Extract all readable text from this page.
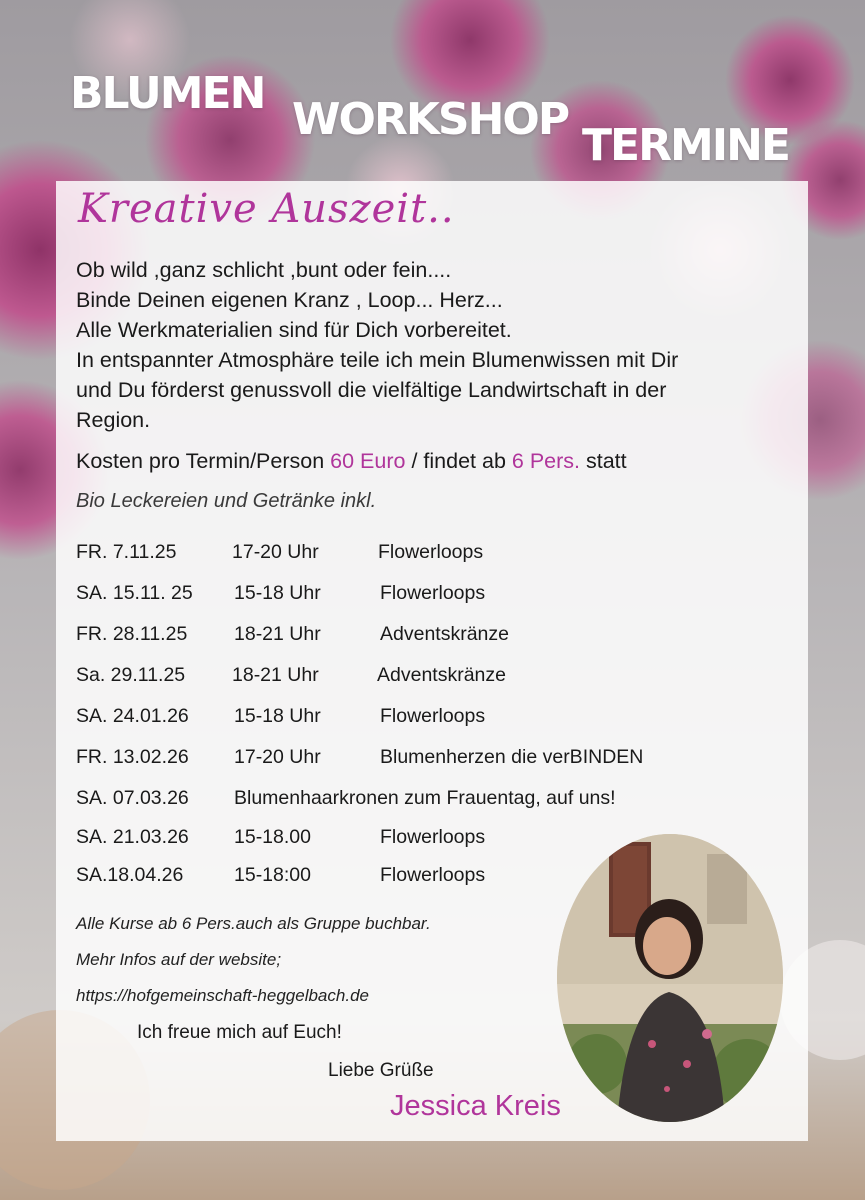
BLUMEN
WORKSHOP
TERMINE
Kreative Auszeit..
Ob wild ,ganz schlicht ,bunt oder fein....
Binde Deinen eigenen Kranz , Loop... Herz...
Alle Werkmaterialien sind für Dich vorbereitet.
In entspannter Atmosphäre teile ich mein Blumenwissen mit Dir
und Du förderst genussvoll die vielfältige Landwirtschaft in der
Region.
Kosten pro Termin/Person 60 Euro / findet ab 6 Pers. statt
Bio Leckereien und Getränke inkl.
FR. 7.11.25	17-20 Uhr	Flowerloops
SA. 15.11. 25 15-18 Uhr	Flowerloops
FR. 28.11.25 18-21 Uhr	Adventskränze
Sa. 29.11.25 18-21 Uhr	Adventskränze
SA. 24.01.26 15-18 Uhr	Flowerloops
FR. 13.02.26 17-20 Uhr	Blumenherzen die verBINDEN
SA. 07.03.26 Blumenhaarkronen zum Frauentag, auf uns!
SA. 21.03.26 15-18.00	Flowerloops
SA.18.04.26	15-18:00	Flowerloops
Alle Kurse ab 6 Pers.auch als Gruppe buchbar.
Mehr Infos auf der website;
https://hofgemeinschaft-heggelbach.de
Ich freue mich auf Euch!
Liebe Grüße
Jessica Kreis
